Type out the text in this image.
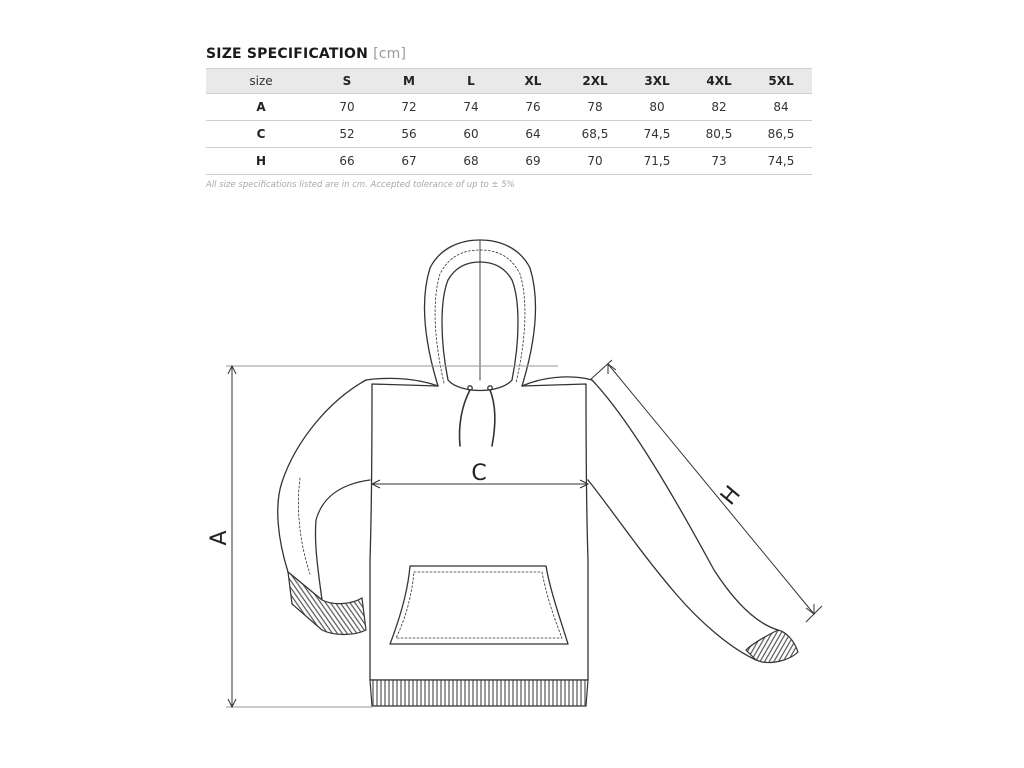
SIZE SPECIFICATION [cm]
size	S	M	L	XL	2XL	3XL	4XL	5XL
A	70	72	74	76	78	80	82	84
C	52	56	60	64	68,5	74,5	80,5	86,5
H	66	67	68	69	70	71,5	73	74,5
All size specifications listed are in cm. Accepted tolerance of up to ± 5%
A
C
H
